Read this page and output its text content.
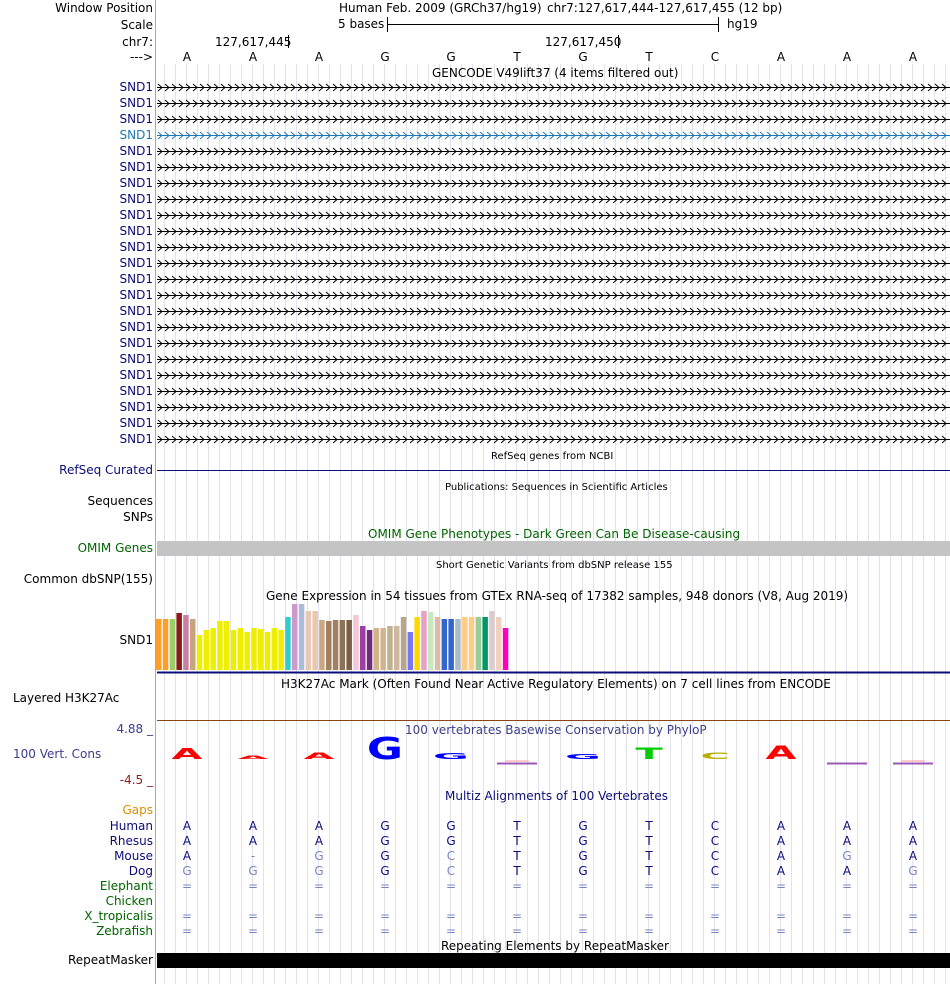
A A A G G	G T C A
Window Position
Scale
chr7:
--->
Human Feb. 2009 (GRCh37/hg19) chr7:127,617,444-127,617,455 (12 bp)
5 bases	hg19
127,617,445	127,617,450
GENCODE V49lift37 (4 items filtered out)
RefSeq genes from NCBI
RefSeq Curated
Publications: Sequences in Scientific Articles
Sequences
SNPs
OMIM Gene Phenotypes - Dark Green Can Be Disease-causing
OMIM Genes
Short Genetic Variants from dbSNP release 155
Common dbSNP(155)
Gene Expression in 54 tissues from GTEx RNA-seq of 17382 samples, 948 donors (V8, Aug 2019)
SND1
H3K27Ac Mark (Often Found Near Active Regulatory Elements) on 7 cell lines from ENCODE
Layered H3K27Ac
100 vertebrates Basewise Conservation by PhyloP
4.88 _
100 Vert. Cons
-4.5 _
Gaps
Multiz Alignments of 100 Vertebrates
Repeating Elements by RepeatMasker
RepeatMasker
A	A	A	G	G	T	G	T	C	A	A	A
SND1
SND1
SND1
SND1
SND1
SND1
SND1
SND1
SND1
SND1
SND1
SND1
SND1
SND1
SND1
SND1
SND1
SND1
SND1
SND1
SND1
SND1
SND1
Human A	A	A	G	G	T	G	T	C	A	A	A
Rhesus A	A	A	G	G	T	G	T	C	A	A	A
Mouse A	-	G	G	C	T	G	T	C	A	G	A
Dog G	G	G	G	C	T	G	T	C	A	A	G
Elephant =	=	=	=	=	=	=	=	=	=	=	=
Chicken
X_tropicalis =	=	=	=	=	=	=	=	=	=	=	=
Zebrafish =	=	=	=	=	=	=	=	=	=	=	=
